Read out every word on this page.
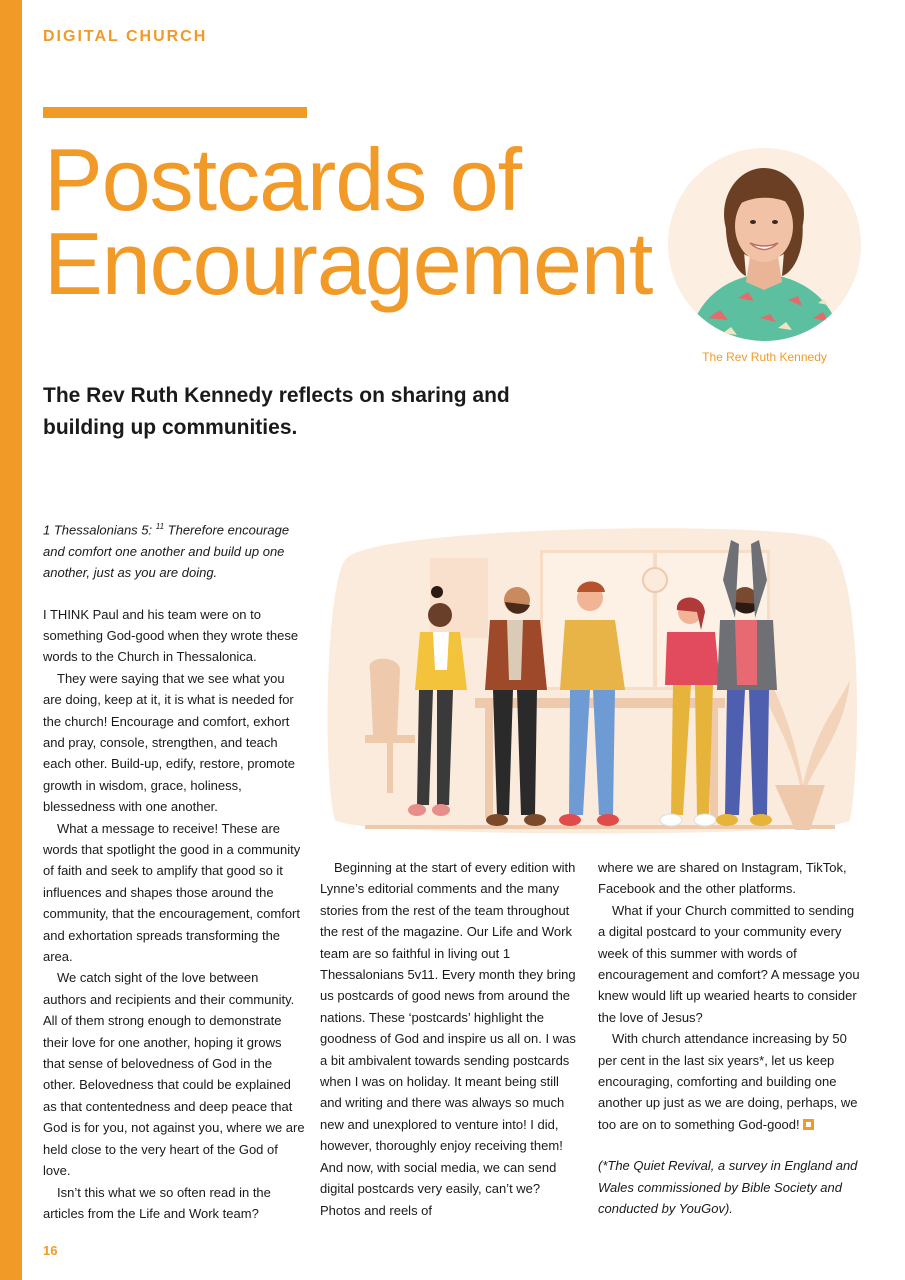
DIGITAL CHURCH
Postcards of
Encouragement
The Rev Ruth Kennedy
The Rev Ruth Kennedy reflects on sharing and building up communities.

1 Thessalonians 5: $^{11}$ Therefore encourage and comfort one another and build up one another, just as you are doing.

I THINK Paul and his team were on to something God-good when they wrote these words to the Church in Thessalonica.

They were saying that we see what you are doing, keep at it, it is what is needed for the church! Encourage and comfort, exhort and pray, console, strengthen, and teach each other. Build-up, edify, restore, promote growth in wisdom, grace, holiness, blessedness with one another.

What a message to receive! These are words that spotlight the good in a community of faith and seek to amplify that good so it influences and shapes those around the community, that the encouragement, comfort and exhortation spreads transforming the area.

We catch sight of the love between authors and recipients and their community. All of them strong enough to demonstrate their love for one another, hoping it grows that sense of belovedness of God in the other. Belovedness that could be explained as that contentedness and deep peace that God is for you, not against you, where we are held close to the very heart of the God of love.

Isn’t this what we so often read in the articles from the Life and Work team?

Beginning at the start of every edition with Lynne’s editorial comments and the many stories from the rest of the team throughout the rest of the magazine. Our Life and Work team are so faithful in living out 1 Thessalonians 5v11. Every month they bring us postcards of good news from around the nations. These ‘postcards’ highlight the goodness of God and inspire us all on. I was a bit ambivalent towards sending postcards when I was on holiday. It meant being still and writing and there was always so much new and unexplored to venture into! I did, however, thoroughly enjoy receiving them! And now, with social media, we can send digital postcards very easily, can’t we? Photos and reels of

where we are shared on Instagram, TikTok, Facebook and the other platforms.

What if your Church committed to sending a digital postcard to your community every week of this summer with words of encouragement and comfort? A message you knew would lift up wearied hearts to consider the love of Jesus?

With church attendance increasing by 50 per cent in the last six years*, let us keep encouraging, comforting and building one another up just as we are doing, perhaps, we too are on to something God-good!

(*The Quiet Revival, a survey in England and Wales commissioned by Bible Society and conducted by YouGov).

16
